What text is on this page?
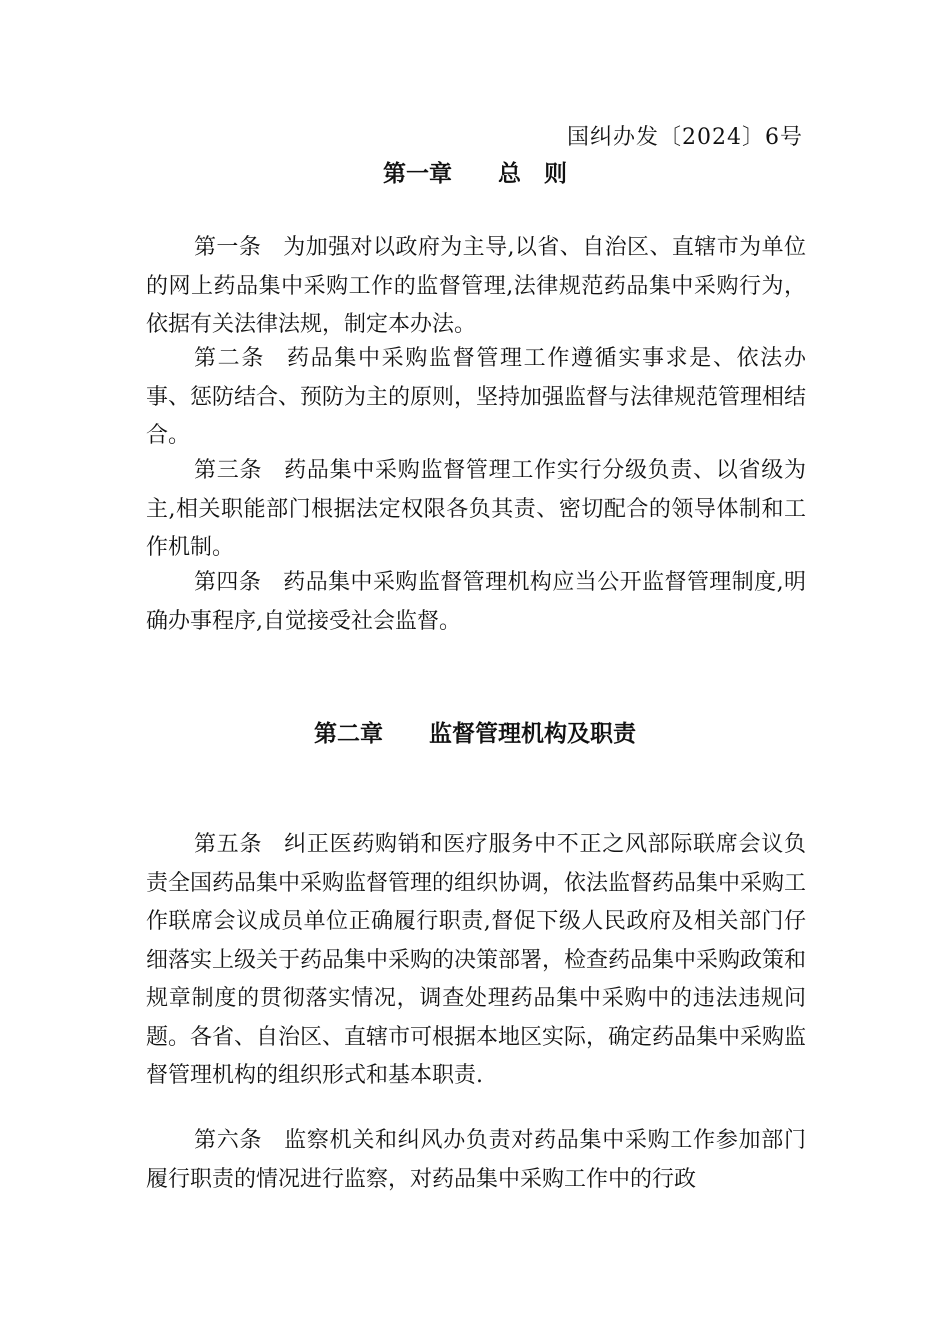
国纠办发〔2024〕6号
第一章 总　则

第一条 为加强对以政府为主导,以省、自治区、直辖市为单位的网上药品集中采购工作的监督管理,法律规范药品集中采购行为，依据有关法律法规，制定本办法。

第二条 药品集中采购监督管理工作遵循实事求是、依法办事、惩防结合、预防为主的原则，坚持加强监督与法律规范管理相结合。

第三条 药品集中采购监督管理工作实行分级负责、以省级为主,相关职能部门根据法定权限各负其责、密切配合的领导体制和工作机制。

第四条 药品集中采购监督管理机构应当公开监督管理制度,明确办事程序,自觉接受社会监督。

第二章 监督管理机构及职责

第五条 纠正医药购销和医疗服务中不正之风部际联席会议负责全国药品集中采购监督管理的组织协调，依法监督药品集中采购工作联席会议成员单位正确履行职责,督促下级人民政府及相关部门仔细落实上级关于药品集中采购的决策部署，检查药品集中采购政策和规章制度的贯彻落实情况，调查处理药品集中采购中的违法违规问题。各省、自治区、直辖市可根据本地区实际，确定药品集中采购监督管理机构的组织形式和基本职责.

第六条 监察机关和纠风办负责对药品集中采购工作参加部门履行职责的情况进行监察，对药品集中采购工作中的行政
